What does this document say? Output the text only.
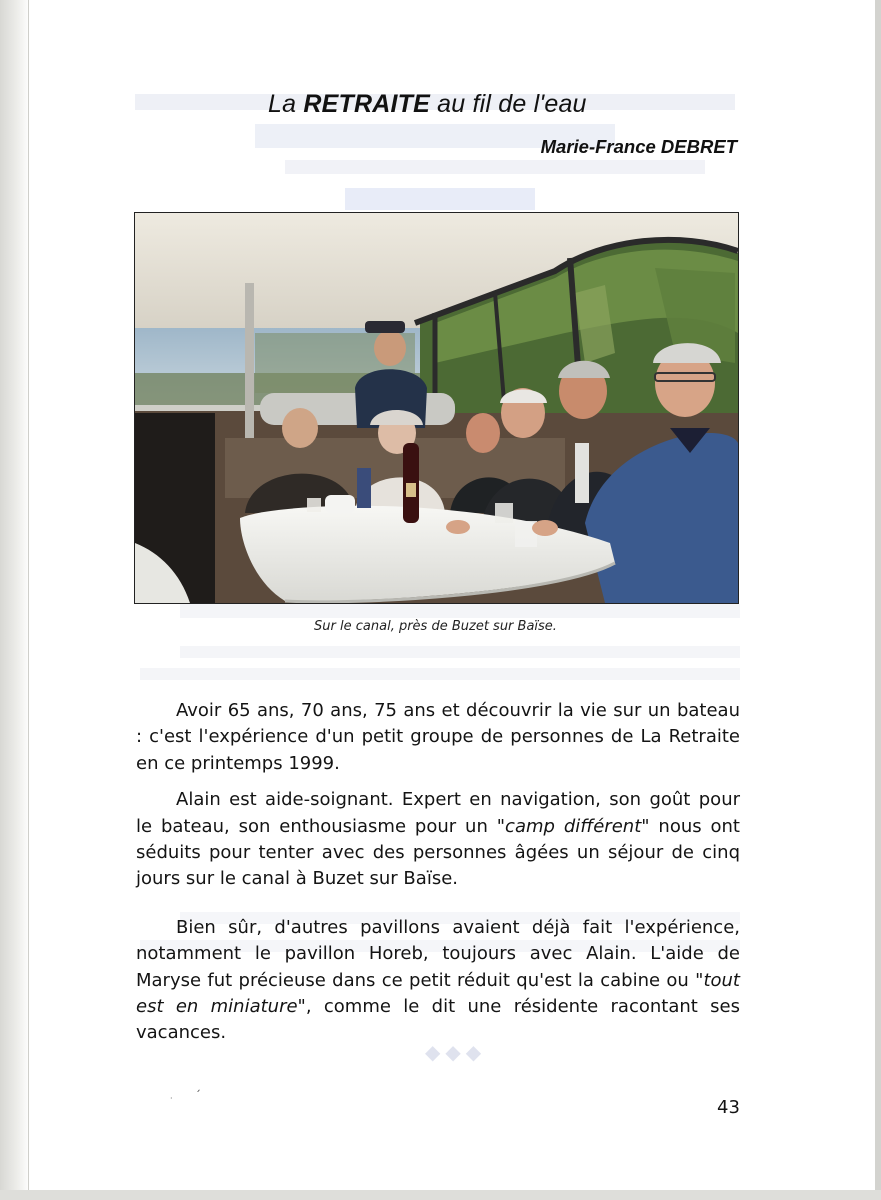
◆ ◆ ◆
La RETRAITE au fil de l'eau

Marie-France DEBRET

Sur le canal, près de Buzet sur Baïse.

Avoir 65 ans, 70 ans, 75 ans et découvrir la vie sur un bateau : c'est l'expérience d'un petit groupe de personnes de La Retraite en ce printemps 1999.

Alain est aide-soignant. Expert en navigation, son goût pour le bateau, son enthousiasme pour un "camp différent" nous ont séduits pour tenter avec des personnes âgées un séjour de cinq jours sur le canal à Buzet sur Baïse.

Bien sûr, d'autres pavillons avaient déjà fait l'expérience, notamment le pavillon Horeb, toujours avec Alain. L'aide de Maryse fut précieuse dans ce petit réduit qu'est la cabine ou "tout est en miniature", comme le dit une résidente racontant ses vacances.

ˏ
·	43
